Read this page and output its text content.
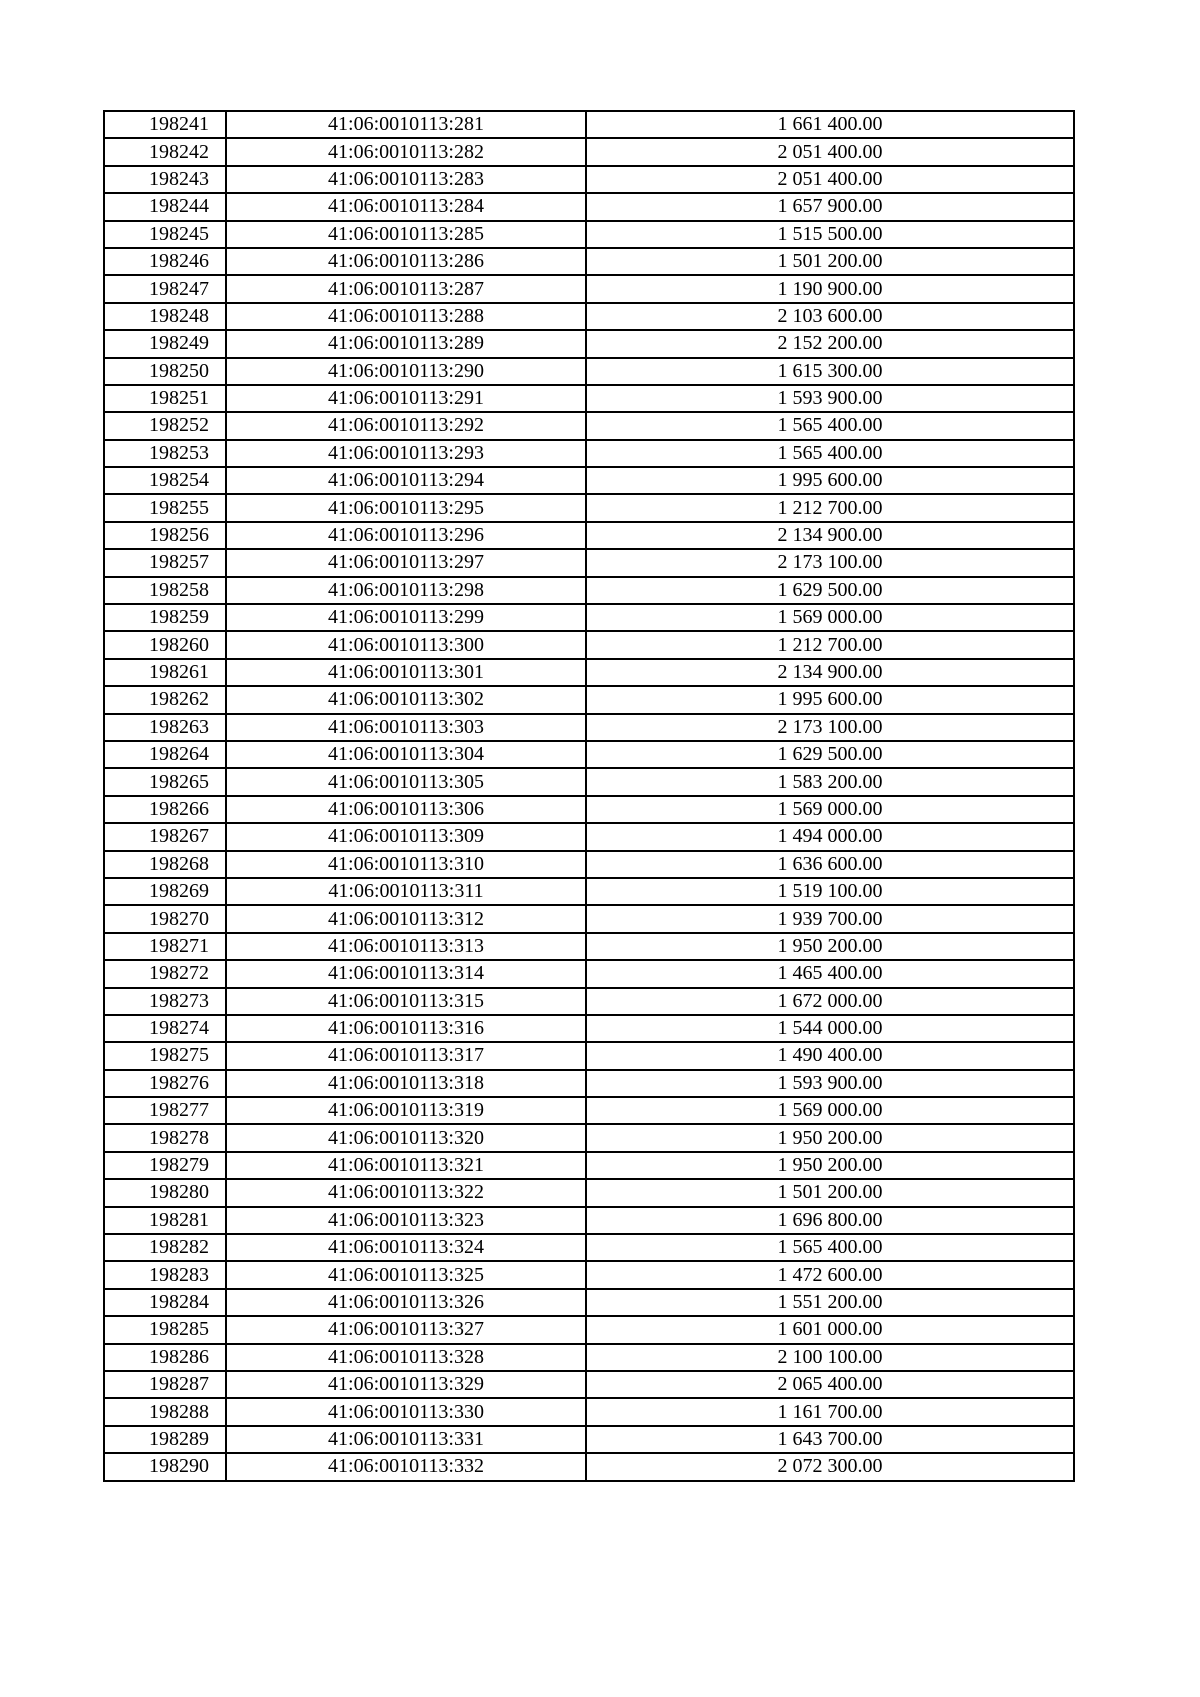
198241	41:06:0010113:281	1 661 400.00
198242	41:06:0010113:282	2 051 400.00
198243	41:06:0010113:283	2 051 400.00
198244	41:06:0010113:284	1 657 900.00
198245	41:06:0010113:285	1 515 500.00
198246	41:06:0010113:286	1 501 200.00
198247	41:06:0010113:287	1 190 900.00
198248	41:06:0010113:288	2 103 600.00
198249	41:06:0010113:289	2 152 200.00
198250	41:06:0010113:290	1 615 300.00
198251	41:06:0010113:291	1 593 900.00
198252	41:06:0010113:292	1 565 400.00
198253	41:06:0010113:293	1 565 400.00
198254	41:06:0010113:294	1 995 600.00
198255	41:06:0010113:295	1 212 700.00
198256	41:06:0010113:296	2 134 900.00
198257	41:06:0010113:297	2 173 100.00
198258	41:06:0010113:298	1 629 500.00
198259	41:06:0010113:299	1 569 000.00
198260	41:06:0010113:300	1 212 700.00
198261	41:06:0010113:301	2 134 900.00
198262	41:06:0010113:302	1 995 600.00
198263	41:06:0010113:303	2 173 100.00
198264	41:06:0010113:304	1 629 500.00
198265	41:06:0010113:305	1 583 200.00
198266	41:06:0010113:306	1 569 000.00
198267	41:06:0010113:309	1 494 000.00
198268	41:06:0010113:310	1 636 600.00
198269	41:06:0010113:311	1 519 100.00
198270	41:06:0010113:312	1 939 700.00
198271	41:06:0010113:313	1 950 200.00
198272	41:06:0010113:314	1 465 400.00
198273	41:06:0010113:315	1 672 000.00
198274	41:06:0010113:316	1 544 000.00
198275	41:06:0010113:317	1 490 400.00
198276	41:06:0010113:318	1 593 900.00
198277	41:06:0010113:319	1 569 000.00
198278	41:06:0010113:320	1 950 200.00
198279	41:06:0010113:321	1 950 200.00
198280	41:06:0010113:322	1 501 200.00
198281	41:06:0010113:323	1 696 800.00
198282	41:06:0010113:324	1 565 400.00
198283	41:06:0010113:325	1 472 600.00
198284	41:06:0010113:326	1 551 200.00
198285	41:06:0010113:327	1 601 000.00
198286	41:06:0010113:328	2 100 100.00
198287	41:06:0010113:329	2 065 400.00
198288	41:06:0010113:330	1 161 700.00
198289	41:06:0010113:331	1 643 700.00
198290	41:06:0010113:332	2 072 300.00
